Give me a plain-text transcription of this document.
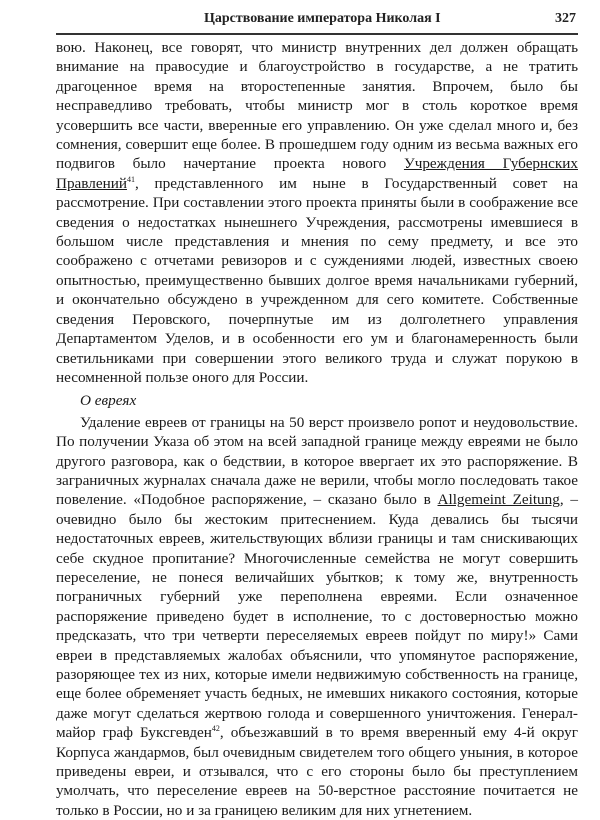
Царствование императора Николая I	327

вою. Наконец, все говорят, что министр внутренних дел должен обращать внимание на правосудие и благоустройство в государстве, а не тратить драгоценное время на второстепенные занятия. Впрочем, было бы несправедливо требовать, чтобы министр мог в столь короткое время усовершить все части, вверенные его управлению. Он уже сделал много и, без сомнения, совершит еще более. В прошедшем году одним из весьма важных его подвигов было начертание проекта нового Учреждения Губернских Правлений$^{41}$, представленного им ныне в Государственный совет на рассмотрение. При составлении этого проекта приняты были в соображение все сведения о недостатках нынешнего Учреждения, рассмотрены имевшиеся в большом числе представления и мнения по сему предмету, и все это соображено с отчетами ревизоров и с суждениями людей, известных своею опытностью, преимущественно бывших долгое время начальниками губерний, и окончательно обсуждено в учрежденном для сего комитете. Собственные сведения Перовского, почерпнутые им из долголетнего управления Департаментом Уделов, и в особенности его ум и благонамеренность были светильниками при совершении этого великого труда и служат порукою в несомненной пользе оного для России.

О евреях

Удаление евреев от границы на 50 верст произвело ропот и неудовольствие. По получении Указа об этом на всей западной границе между евреями не было другого разговора, как о бедствии, в которое ввергает их это распоряжение. В заграничных журналах сначала даже не верили, чтобы могло последовать такое повеление. «Подобное распоряжение, – сказано было в Allgemeint Zeitung, – очевидно было бы жестоким притеснением. Куда девались бы тысячи недостаточных евреев, жительствующих вблизи границы и там снискивающих себе скудное пропитание? Многочисленные семейства не могут совершить переселение, не понеся величайших убытков; к тому же, внутренность пограничных губерний уже переполнена евреями. Если означенное распоряжение приведено будет в исполнение, то с достоверностью можно предсказать, что три четверти переселяемых евреев пойдут по миру!» Сами евреи в представляемых жалобах объяснили, что упомянутое распоряжение, разоряющее тех из них, которые имели недвижимую собственность на границе, еще более обременяет участь бедных, не имевших никакого состояния, которые даже могут сделаться жертвою голода и совершенного уничтожения. Генерал-майор граф Буксгевден$^{42}$, объезжавший в то время вверенный ему 4-й округ Корпуса жандармов, был очевидным свидетелем того общего уныния, в которое приведены евреи, и отзывался, что с его стороны было бы преступлением умолчать, что переселение евреев на 50-верстное расстояние почитается не только в России, но и за границею великим для них угнетением.
